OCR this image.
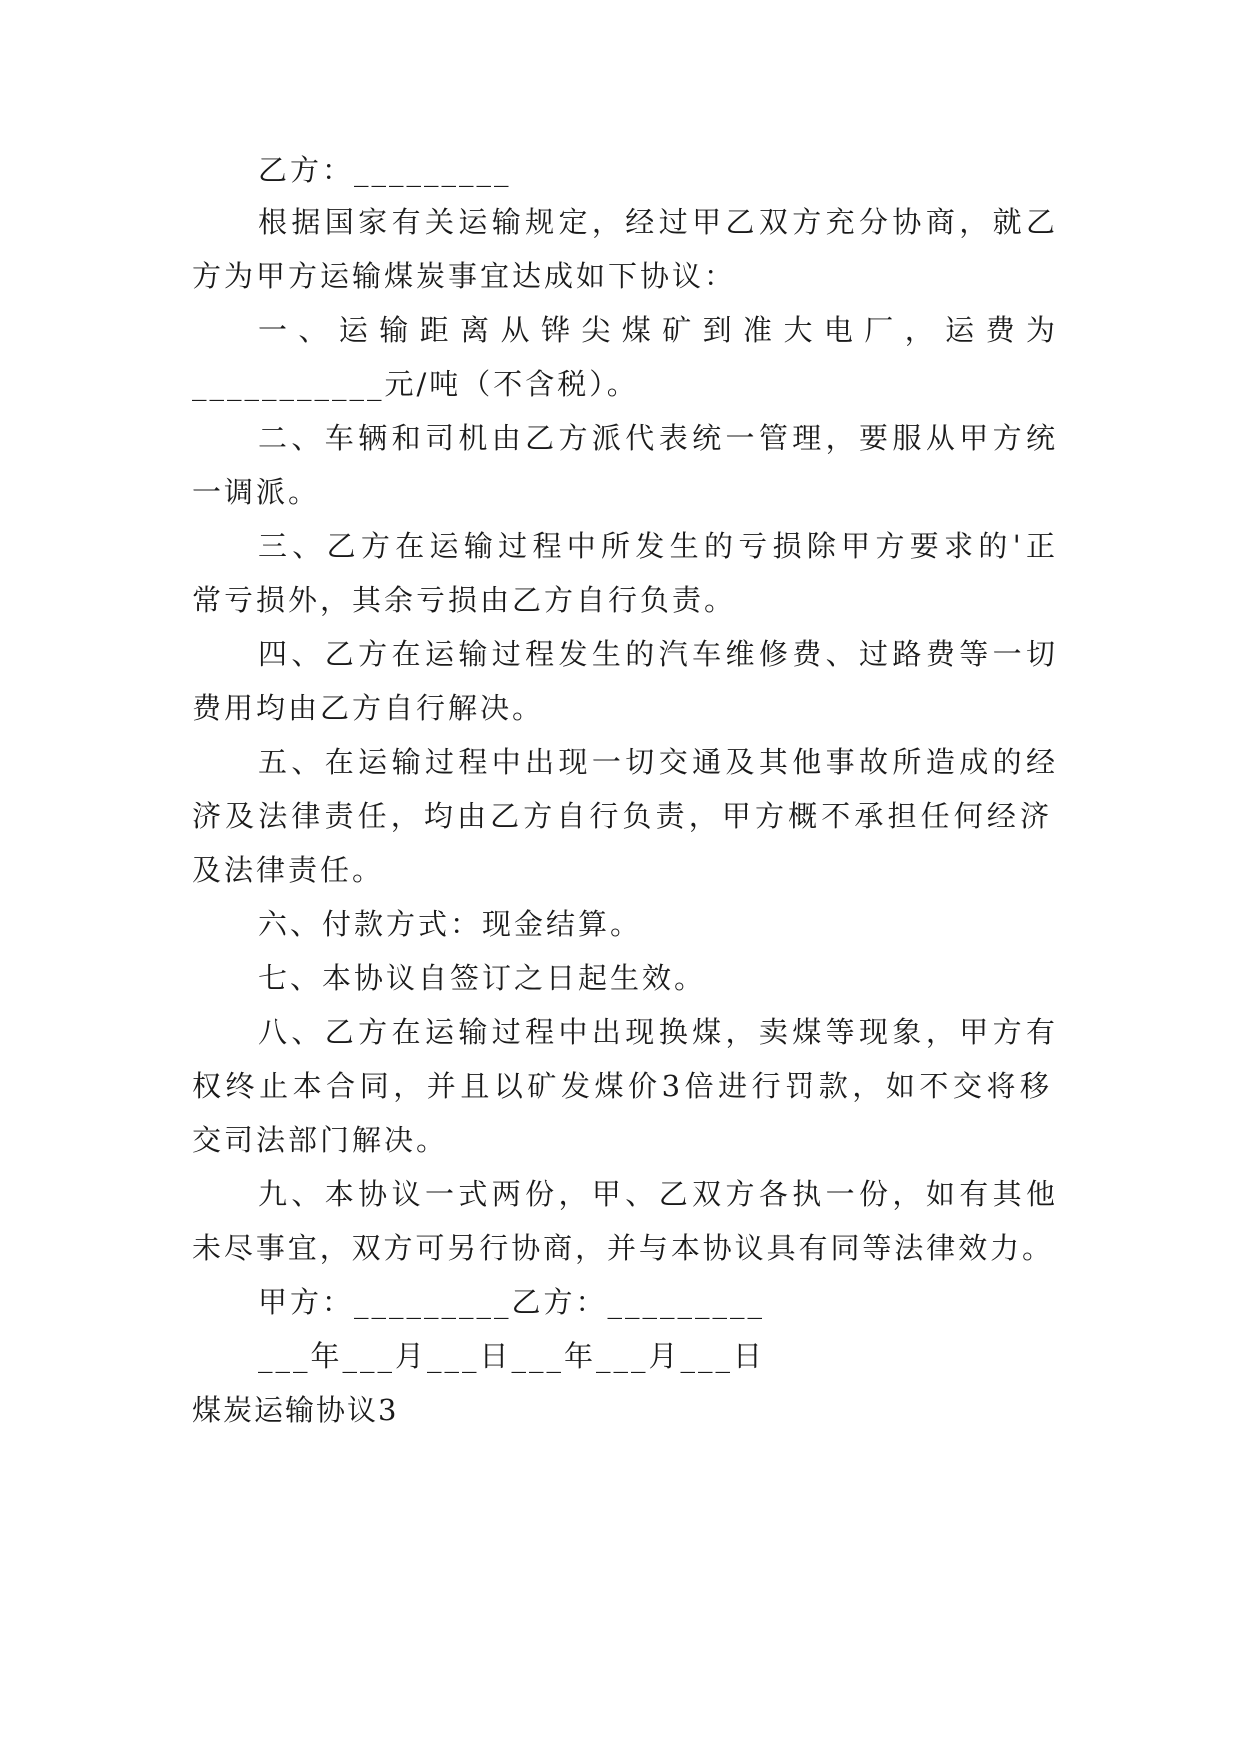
乙方：_________
根据国家有关运输规定，经过甲乙双方充分协商，就乙
方为甲方运输煤炭事宜达成如下协议：
一、运输距离从铧尖煤矿到准大电厂，运费为
___________元/吨（不含税）。
二、车辆和司机由乙方派代表统一管理，要服从甲方统
一调派。
三、乙方在运输过程中所发生的亏损除甲方要求的'正
常亏损外，其余亏损由乙方自行负责。
四、乙方在运输过程发生的汽车维修费、过路费等一切
费用均由乙方自行解决。
五、在运输过程中出现一切交通及其他事故所造成的经
济及法律责任，均由乙方自行负责，甲方概不承担任何经济
及法律责任。
六、付款方式：现金结算。
七、本协议自签订之日起生效。
八、乙方在运输过程中出现换煤，卖煤等现象，甲方有
权终止本合同，并且以矿发煤价3倍进行罚款，如不交将移
交司法部门解决。
九、本协议一式两份，甲、乙双方各执一份，如有其他
未尽事宜，双方可另行协商，并与本协议具有同等法律效力。
甲方：_________乙方：_________
___年___月___日___年___月___日
煤炭运输协议3
